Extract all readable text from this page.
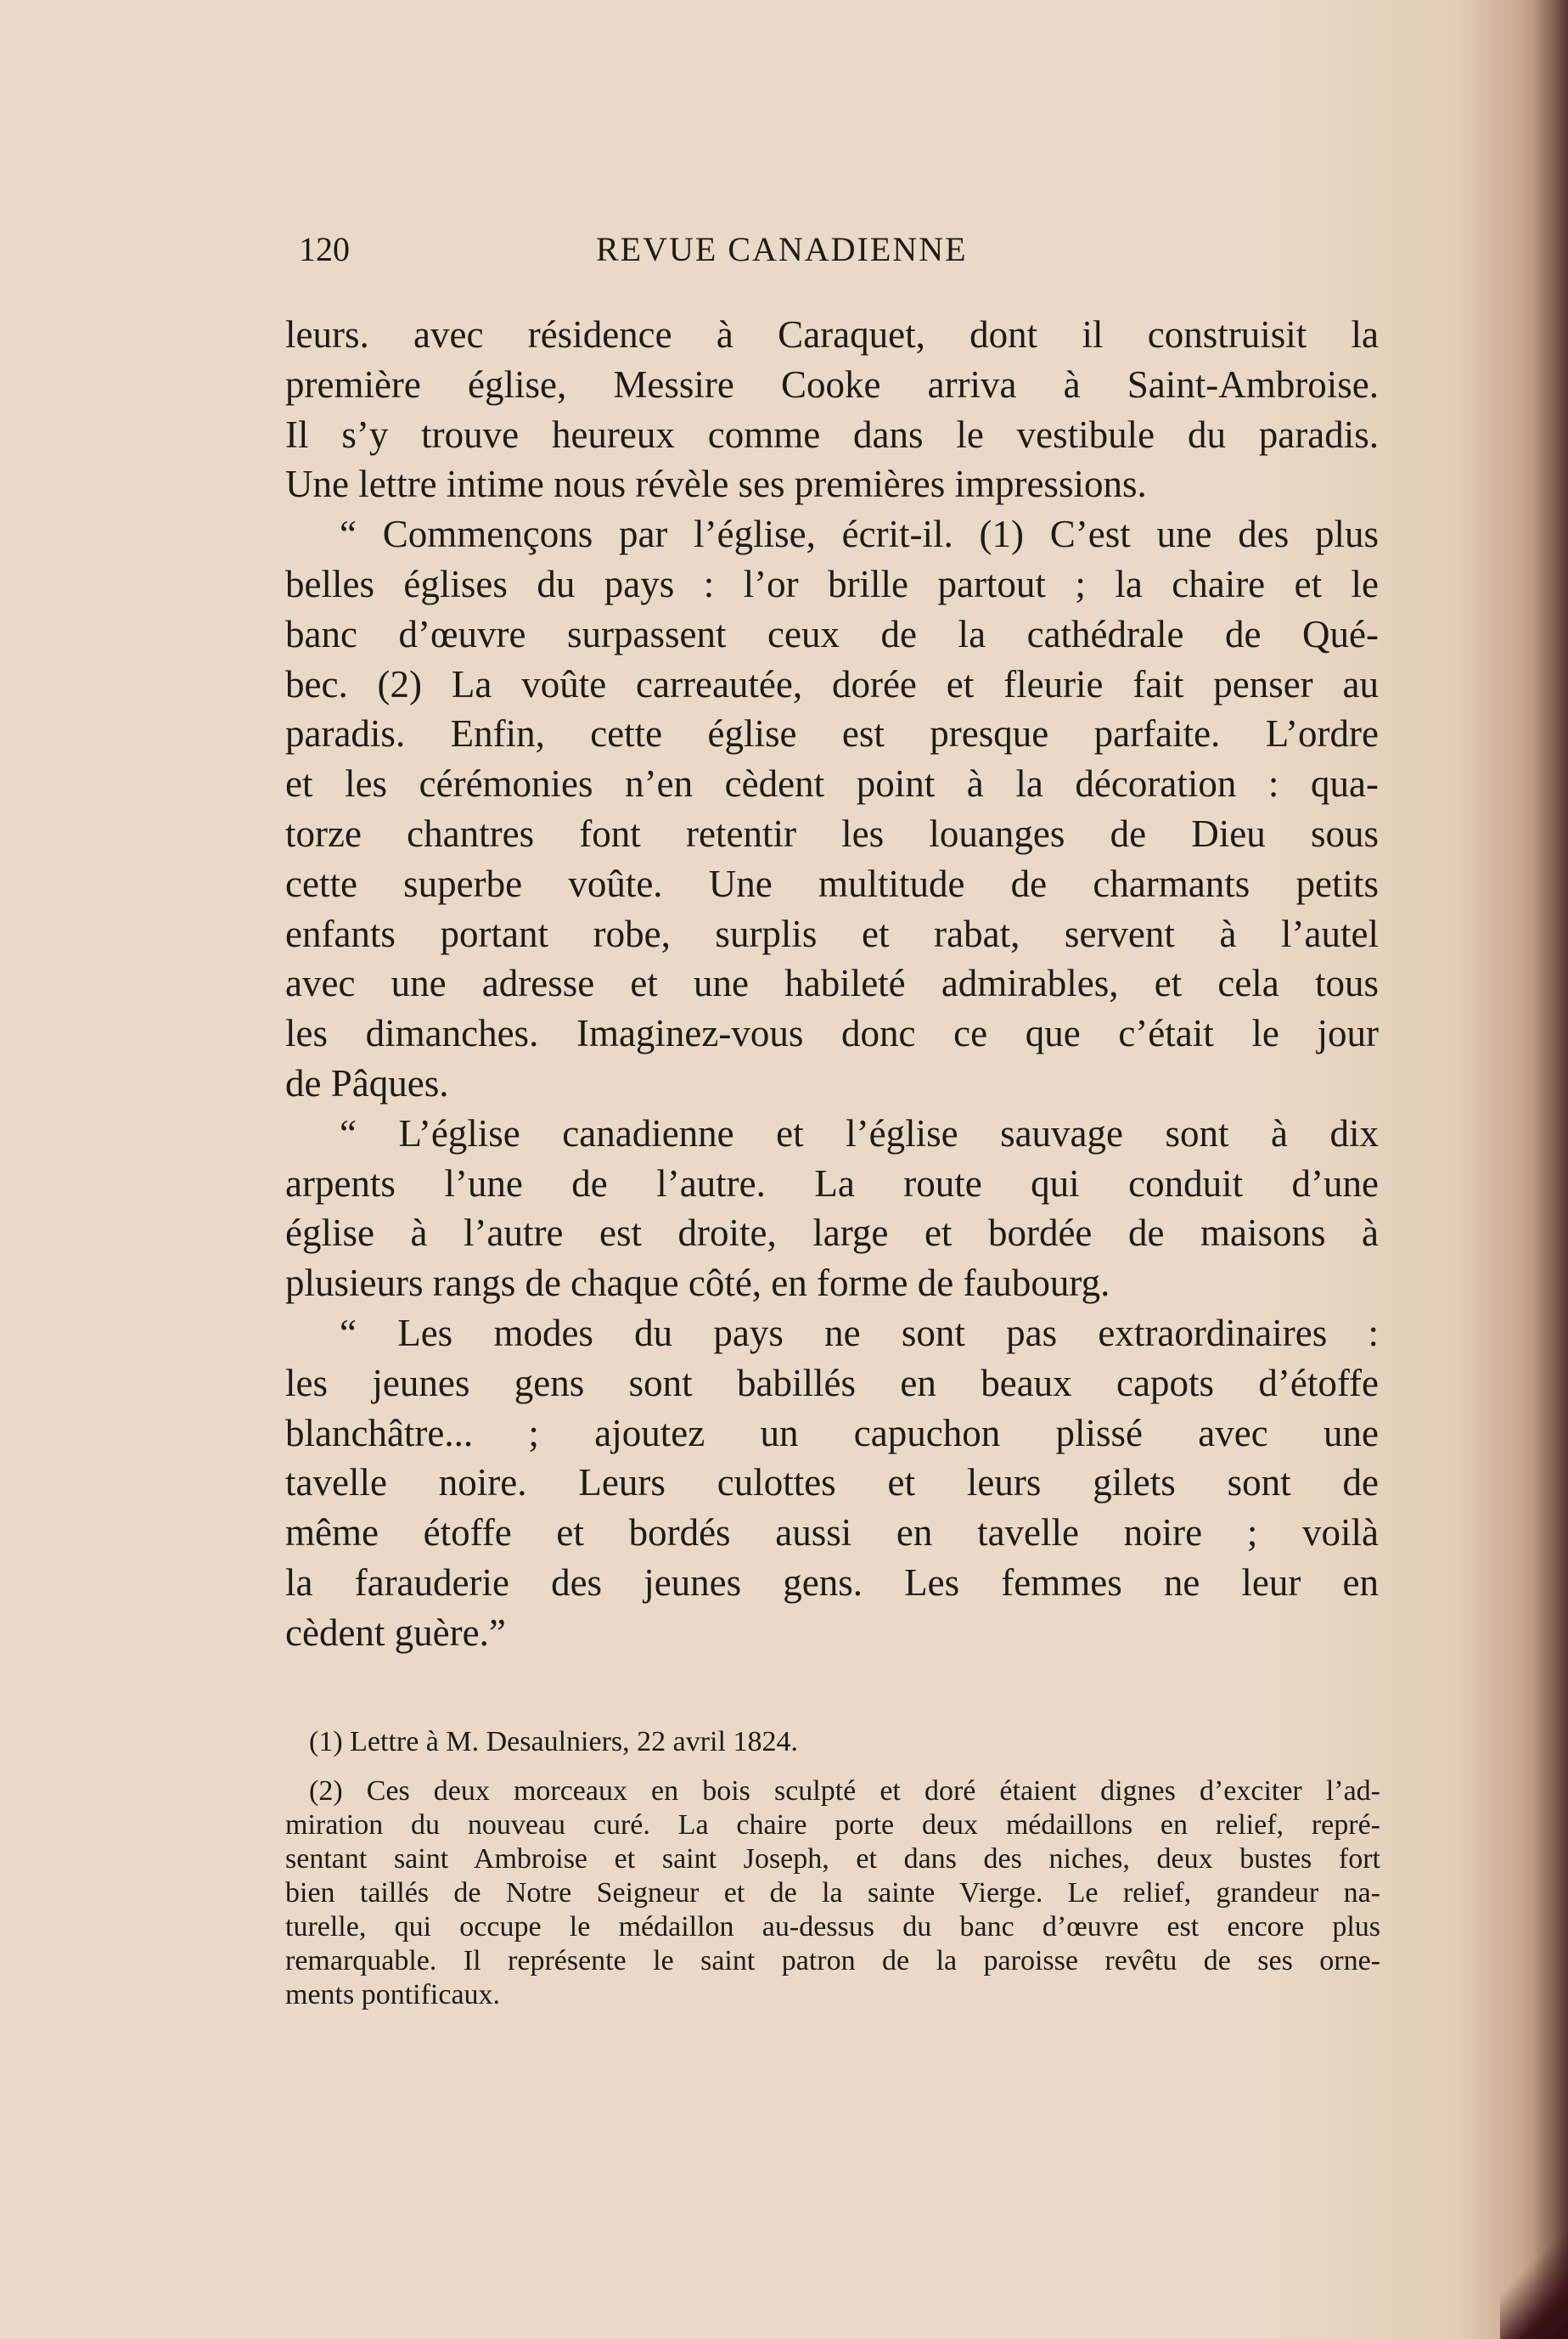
120	REVUE CANADIENNE
leurs. avec résidence à Caraquet, dont il construisit la
première église, Messire Cooke arriva à Saint-Ambroise.
Il s’y trouve heureux comme dans le vestibule du paradis.
Une lettre intime nous révèle ses premières impressions.
“ Commençons par l’église, écrit-il. (1) C’est une des plus
belles églises du pays : l’or brille partout ; la chaire et le
banc d’œuvre surpassent ceux de la cathédrale de Qué-
bec. (2) La voûte carreautée, dorée et fleurie fait penser au
paradis. Enfin, cette église est presque parfaite. L’ordre
et les cérémonies n’en cèdent point à la décoration : qua-
torze chantres font retentir les louanges de Dieu sous
cette superbe voûte. Une multitude de charmants petits
enfants portant robe, surplis et rabat, servent à l’autel
avec une adresse et une habileté admirables, et cela tous
les dimanches. Imaginez-vous donc ce que c’était le jour
de Pâques.
“ L’église canadienne et l’église sauvage sont à dix
arpents l’une de l’autre. La route qui conduit d’une
église à l’autre est droite, large et bordée de maisons à
plusieurs rangs de chaque côté, en forme de faubourg.
“ Les modes du pays ne sont pas extraordinaires :
les jeunes gens sont babillés en beaux capots d’étoffe
blanchâtre... ; ajoutez un capuchon plissé avec une
tavelle noire. Leurs culottes et leurs gilets sont de
même étoffe et bordés aussi en tavelle noire ; voilà
la farauderie des jeunes gens. Les femmes ne leur en
cèdent guère.”
(1) Lettre à M. Desaulniers, 22 avril 1824.
(2) Ces deux morceaux en bois sculpté et doré étaient dignes d’exciter l’ad-
miration du nouveau curé. La chaire porte deux médaillons en relief, repré-
sentant saint Ambroise et saint Joseph, et dans des niches, deux bustes fort
bien taillés de Notre Seigneur et de la sainte Vierge. Le relief, grandeur na-
turelle, qui occupe le médaillon au-dessus du banc d’œuvre est encore plus
remarquable. Il représente le saint patron de la paroisse revêtu de ses orne-
ments pontificaux.
